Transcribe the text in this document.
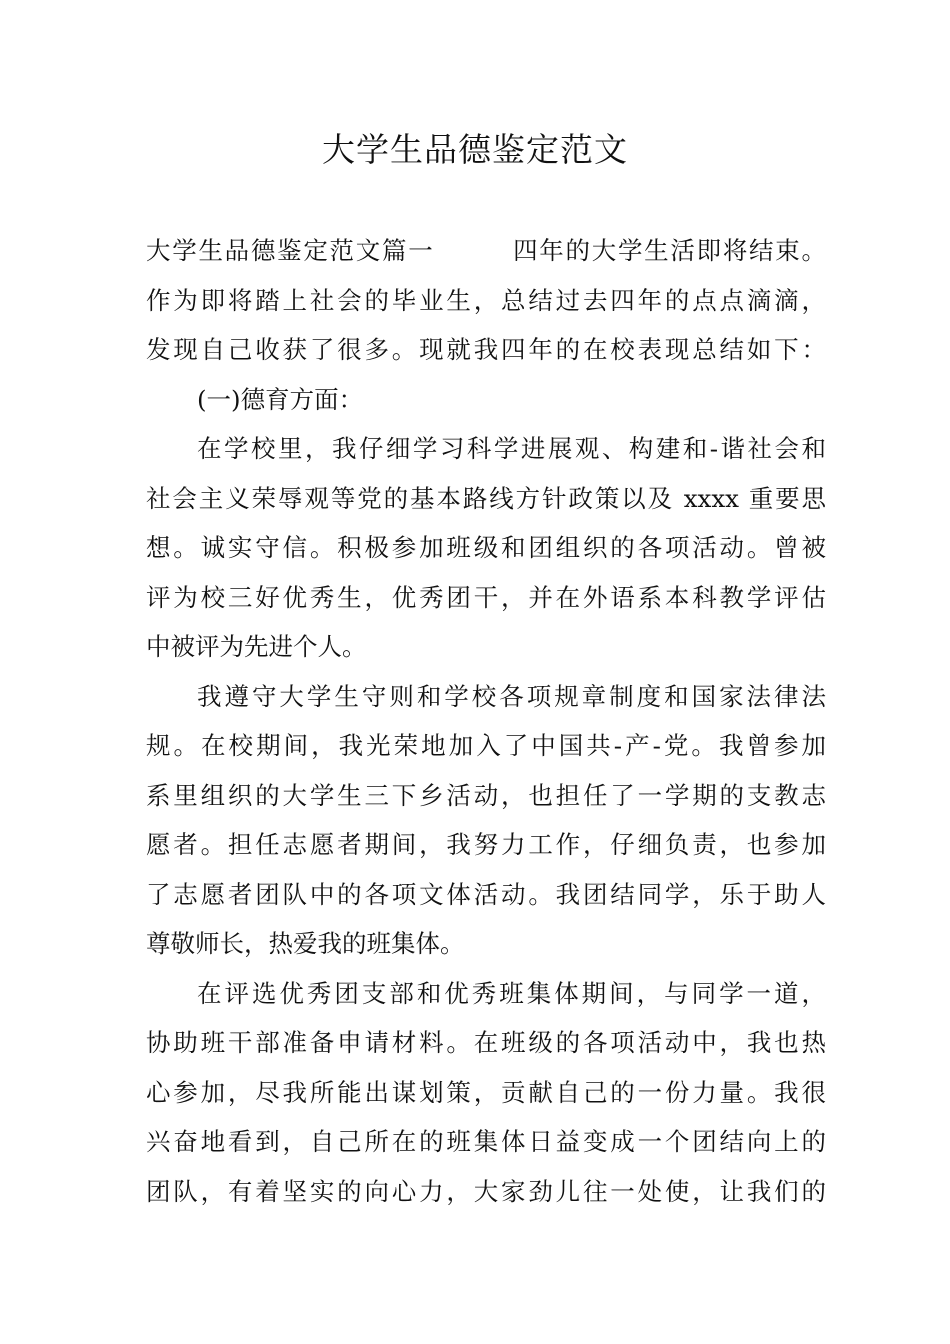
大学生品德鉴定范文
大学生品德鉴定范文篇一　　　四年的大学生活即将结束。
作为即将踏上社会的毕业生，总结过去四年的点点滴滴，
发现自己收获了很多。现就我四年的在校表现总结如下：
(一)德育方面：
在学校里，我仔细学习科学进展观、构建和-谐社会和
社会主义荣辱观等党的基本路线方针政策以及 xxxx 重要思
想。诚实守信。积极参加班级和团组织的各项活动。曾被
评为校三好优秀生，优秀团干，并在外语系本科教学评估
中被评为先进个人。
我遵守大学生守则和学校各项规章制度和国家法律法
规。在校期间，我光荣地加入了中国共-产-党。我曾参加
系里组织的大学生三下乡活动，也担任了一学期的支教志
愿者。担任志愿者期间，我努力工作，仔细负责，也参加
了志愿者团队中的各项文体活动。我团结同学，乐于助人
尊敬师长，热爱我的班集体。
在评选优秀团支部和优秀班集体期间，与同学一道，
协助班干部准备申请材料。在班级的各项活动中，我也热
心参加，尽我所能出谋划策，贡献自己的一份力量。我很
兴奋地看到，自己所在的班集体日益变成一个团结向上的
团队，有着坚实的向心力，大家劲儿往一处使，让我们的
